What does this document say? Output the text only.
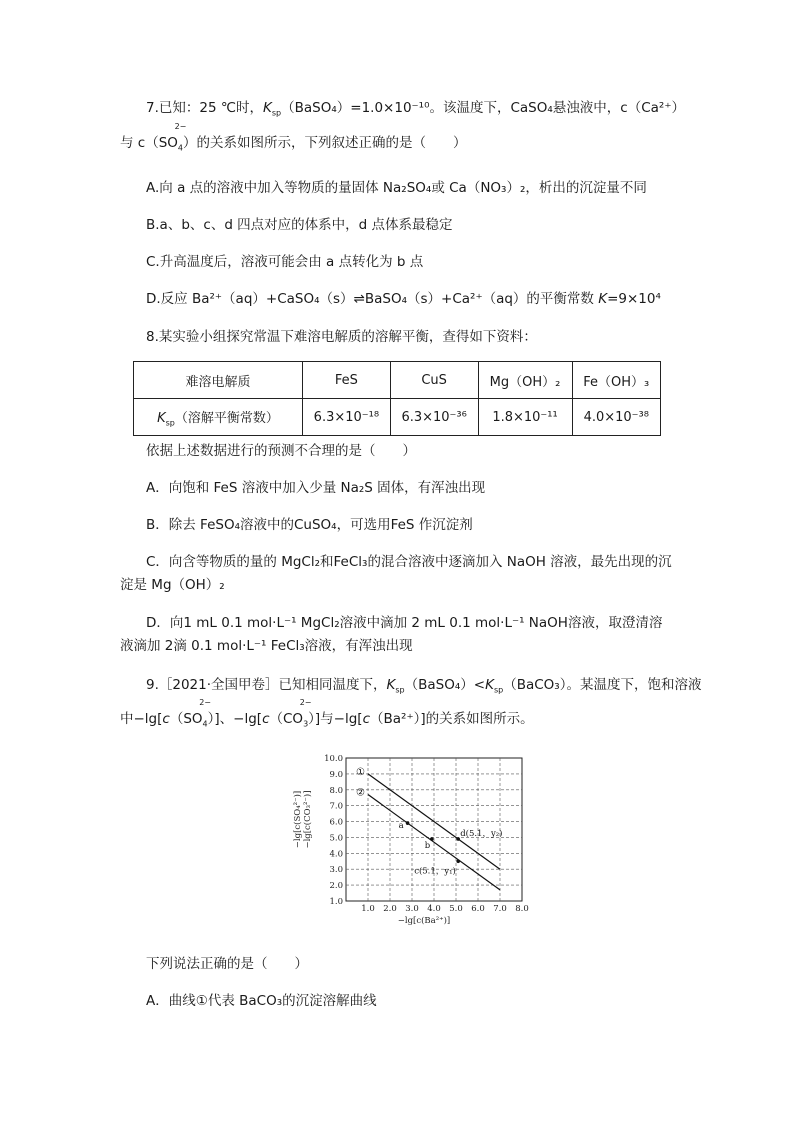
7.已知：25 ℃时，$K_{sp}(BaSO_4)=1.0\times 10^{-10}$。该温度下，CaSO₄悬浊液中，c（Ca²⁺）
与 c（SO
2−
$_4$）的关系如图所示，下列叙述正确的是（　　）
A.向 a 点的溶液中加入等物质的量固体 Na₂SO₄或 Ca（NO₃）₂，析出的沉淀量不同
B.a、b、c、d 四点对应的体系中，d 点体系最稳定
C.升高温度后，溶液可能会由 a 点转化为 b 点
D.反应 Ba²⁺（aq）+CaSO₄（s）⇌BaSO₄（s）+Ca²⁺（aq）的平衡常数 K=9×10⁴
8.某实验小组探究常温下难溶电解质的溶解平衡，查得如下资料：
难溶电解质	FeS	CuS	Mg（OH）₂	Fe（OH）₃
$K_{sp}$（溶解平衡常数）	6.3×10⁻¹⁸	6.3×10⁻³⁶	1.8×10⁻¹¹	4.0×10⁻³⁸
依据上述数据进行的预测不合理的是（　　）
A．向饱和 FeS 溶液中加入少量 Na₂S 固体，有浑浊出现
B．除去 FeSO₄溶液中的CuSO₄，可选用FeS 作沉淀剂
C．向含等物质的量的 MgCl₂和FeCl₃的混合溶液中逐滴加入 NaOH 溶液，最先出现的沉
淀是 Mg（OH）₂
D．向1 mL 0.1 mol·L⁻¹ MgCl₂溶液中滴加 2 mL 0.1 mol·L⁻¹ NaOH溶液，取澄清溶
液滴加 2滴 0.1 mol·L⁻¹ FeCl₃溶液，有浑浊出现
9.［2021·全国甲卷］已知相同温度下，$K_{sp}(BaSO_4)<K_{sp}(BaCO_3)$。某温度下，饱和溶液
中−lg[c（SO
2−
$_4$）]、−lg[c（CO
2−
$_3$）]与−lg[c（Ba²⁺）]的关系如图所示。
1.0 2.0 3.0 4.0 5.0 6.0 7.0 8.0
1.0
2.0
3.0
4.0
5.0
6.0
7.0
8.0
9.0
10.0
−lg[c(Ba²⁺)]
−lg[c(SO₄²⁻)] −lg[c(CO₃²⁻)]
①
②
a
b
d(5.1，y₂)
c(5.1，y₁)
下列说法正确的是（　　）
A．曲线①代表 BaCO₃的沉淀溶解曲线
